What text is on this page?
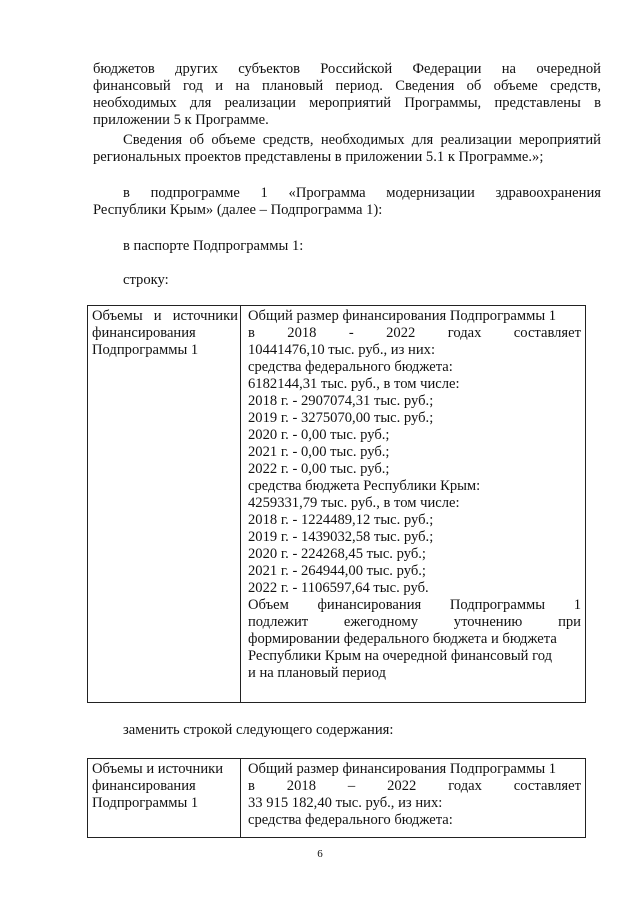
бюджетов других субъектов Российской Федерации на очередной
финансовый год и на плановый период. Сведения об объеме средств,
необходимых для реализации мероприятий Программы, представлены в
приложении 5 к Программе.
Сведения об объеме средств, необходимых для реализации мероприятий
региональных проектов представлены в приложении 5.1 к Программе.»;
в подпрограмме 1 «Программа модернизации здравоохранения
Республики Крым» (далее – Подпрограмма 1):
в паспорте Подпрограммы 1:
строку:
Объемы и источники
финансирования
Подпрограммы 1
Общий размер финансирования Подпрограммы 1
в 2018 - 2022 годах составляет
10441476,10 тыс. руб., из них:
средства федерального бюджета:
6182144,31 тыс. руб., в том числе:
2018 г. - 2907074,31 тыс. руб.;
2019 г. - 3275070,00 тыс. руб.;
2020 г. - 0,00 тыс. руб.;
2021 г. - 0,00 тыс. руб.;
2022 г. - 0,00 тыс. руб.;
средства бюджета Республики Крым:
4259331,79 тыс. руб., в том числе:
2018 г. - 1224489,12 тыс. руб.;
2019 г. - 1439032,58 тыс. руб.;
2020 г. - 224268,45 тыс. руб.;
2021 г. - 264944,00 тыс. руб.;
2022 г. - 1106597,64 тыс. руб.
Объем финансирования Подпрограммы 1
подлежит ежегодному уточнению при
формировании федерального бюджета и бюджета
Республики Крым на очередной финансовый год
и на плановый период
заменить строкой следующего содержания:
Объемы и источники
финансирования
Подпрограммы 1
Общий размер финансирования Подпрограммы 1
в 2018 – 2022 годах составляет
33 915 182,40 тыс. руб., из них:
средства федерального бюджета:
6
